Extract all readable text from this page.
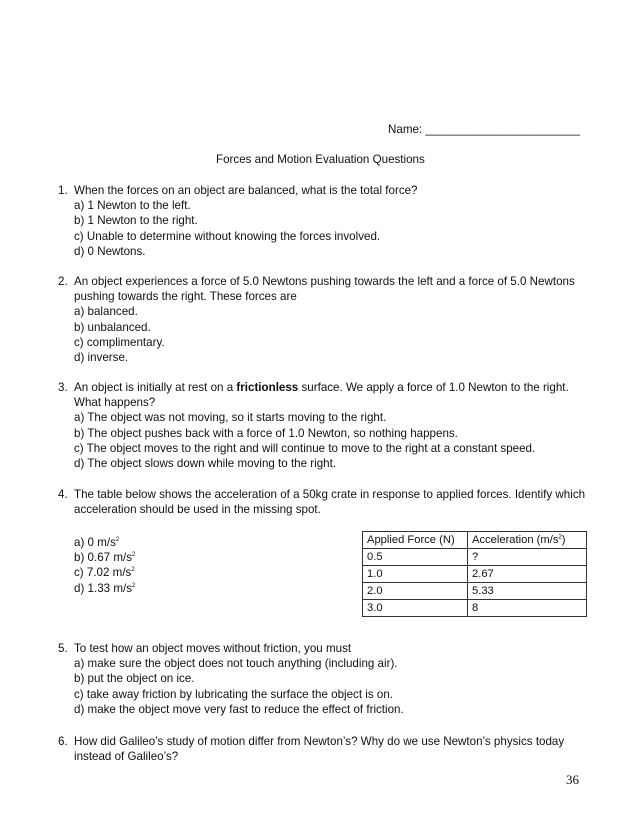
Name: ________________________
Forces and Motion Evaluation Questions
1. When the forces on an object are balanced, what is the total force?
a) 1 Newton to the left.
b) 1 Newton to the right.
c) Unable to determine without knowing the forces involved.
d) 0 Newtons.
2. An object experiences a force of 5.0 Newtons pushing towards the left and a force of 5.0 Newtons pushing towards the right. These forces are
a) balanced.
b) unbalanced.
c) complimentary.
d) inverse.
3. An object is initially at rest on a frictionless surface. We apply a force of 1.0 Newton to the right. What happens?
a) The object was not moving, so it starts moving to the right.
b) The object pushes back with a force of 1.0 Newton, so nothing happens.
c) The object moves to the right and will continue to move to the right at a constant speed.
d) The object slows down while moving to the right.
4. The table below shows the acceleration of a 50kg crate in response to applied forces. Identify which acceleration should be used in the missing spot.
a) 0 $m/s^2$
b) 0.67 $m/s^2$
c) 7.02 $m/s^2$
d) 1.33 $m/s^2$
Applied Force (N)	Acceleration $(m/s^2)$
0.5	?
1.0	2.67
2.0	5.33
3.0	8
5. To test how an object moves without friction, you must
a) make sure the object does not touch anything (including air).
b) put the object on ice.
c) take away friction by lubricating the surface the object is on.
d) make the object move very fast to reduce the effect of friction.
6. How did Galileo’s study of motion differ from Newton’s? Why do we use Newton’s physics today instead of Galileo’s?
36
